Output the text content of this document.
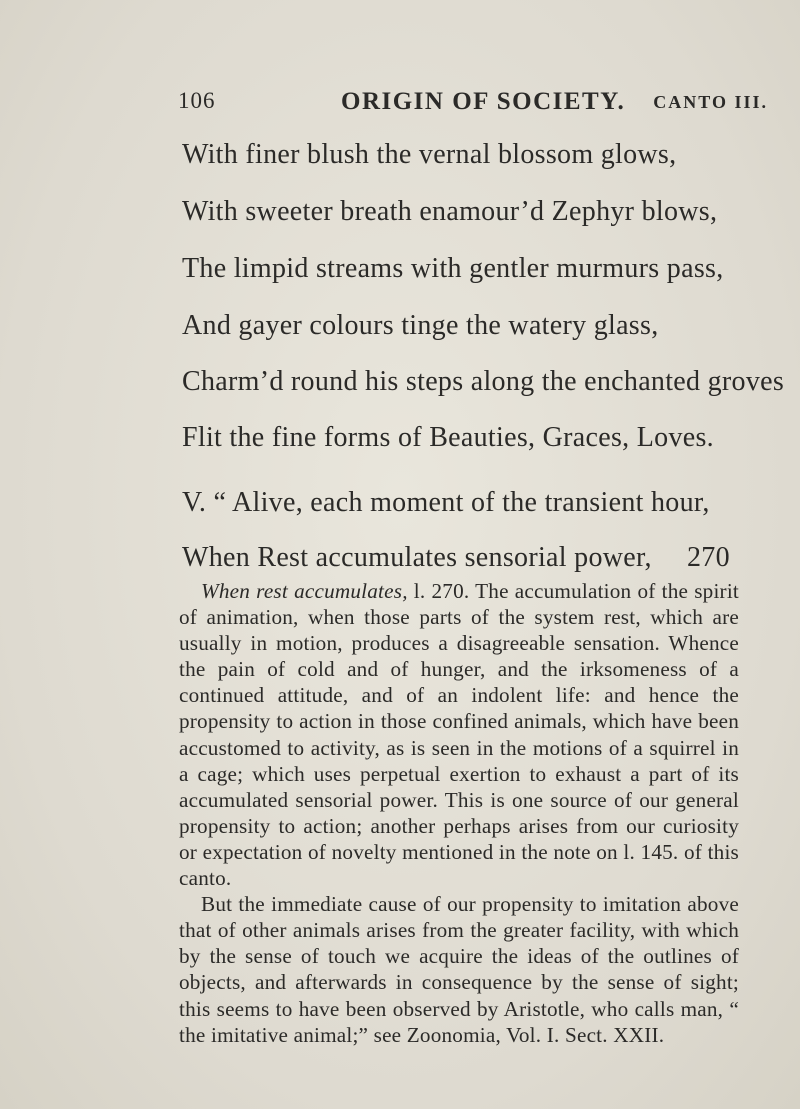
106	ORIGIN OF SOCIETY. CANTO III.
With finer blush the vernal blossom glows,
With sweeter breath enamour’d Zephyr blows,
The limpid streams with gentler murmurs pass,
And gayer colours tinge the watery glass,
Charm’d round his steps along the enchanted groves
Flit the fine forms of Beauties, Graces, Loves.
V. “ Alive, each moment of the transient hour,
When Rest accumulates sensorial power, 270

When rest accumulates, l. 270. The accumulation of the spirit of animation, when those parts of the system rest, which are usually in motion, produces a disagreeable sensation. Whence the pain of cold and of hunger, and the irksomeness of a continued attitude, and of an indolent life: and hence the propensity to action in those confined animals, which have been accustomed to activity, as is seen in the motions of a squirrel in a cage; which uses perpetual exertion to exhaust a part of its accumulated sensorial power. This is one source of our general propensity to action; another perhaps arises from our curiosity or expectation of novelty mentioned in the note on l. 145. of this canto.

But the immediate cause of our propensity to imitation above that of other animals arises from the greater facility, with which by the sense of touch we acquire the ideas of the outlines of objects, and afterwards in consequence by the sense of sight; this seems to have been observed by Aristotle, who calls man, “ the imitative animal;” see Zoonomia, Vol. I. Sect. XXII.
